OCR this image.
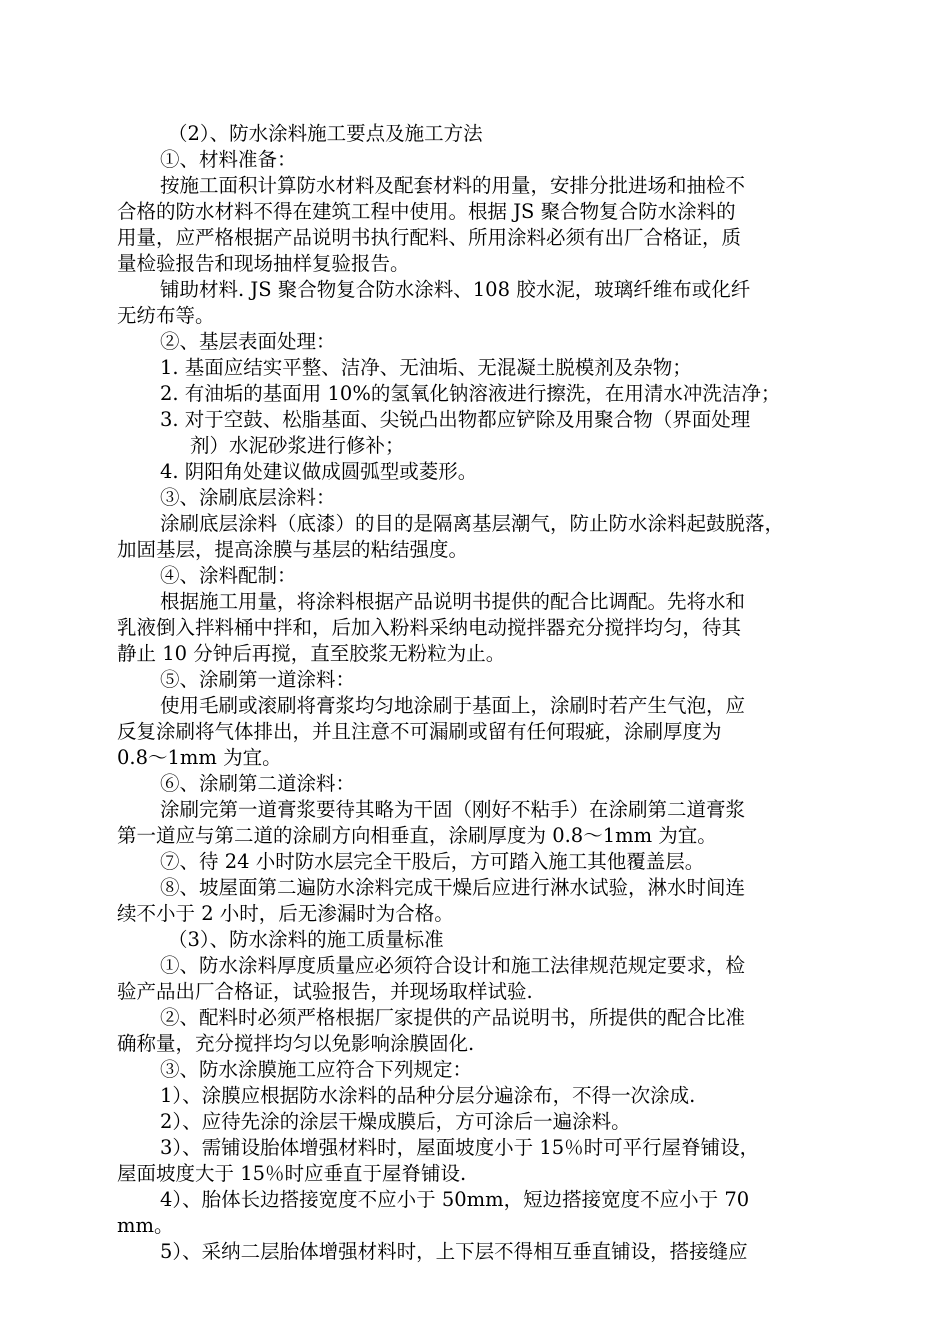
（2）、防水涂料施工要点及施工方法
①、材料准备：
按施工面积计算防水材料及配套材料的用量，安排分批进场和抽检不
合格的防水材料不得在建筑工程中使用。根据 JS 聚合物复合防水涂料的
用量，应严格根据产品说明书执行配料、所用涂料必须有出厂合格证，质
量检验报告和现场抽样复验报告。
铺助材料. JS 聚合物复合防水涂料、108 胶水泥，玻璃纤维布或化纤
无纺布等。
②、基层表面处理：
1. 基面应结实平整、洁净、无油垢、无混凝土脱模剂及杂物；
2. 有油垢的基面用 10%的氢氧化钠溶液进行擦洗，在用清水冲洗洁净；
3. 对于空鼓、松脂基面、尖锐凸出物都应铲除及用聚合物（界面处理
剂）水泥砂浆进行修补；
4. 阴阳角处建议做成圆弧型或菱形。
③、涂刷底层涂料：
涂刷底层涂料（底漆）的目的是隔离基层潮气，防止防水涂料起鼓脱落，
加固基层，提高涂膜与基层的粘结强度。
④、涂料配制：
根据施工用量，将涂料根据产品说明书提供的配合比调配。先将水和
乳液倒入拌料桶中拌和，后加入粉料采纳电动搅拌器充分搅拌均匀，待其
静止 10 分钟后再搅，直至胶浆无粉粒为止。
⑤、涂刷第一道涂料：
使用毛刷或滚刷将膏浆均匀地涂刷于基面上，涂刷时若产生气泡，应
反复涂刷将气体排出，并且注意不可漏刷或留有任何瑕疵，涂刷厚度为
0.8～1mm 为宜。
⑥、涂刷第二道涂料：
涂刷完第一道膏浆要待其略为干固（刚好不粘手）在涂刷第二道膏浆
第一道应与第二道的涂刷方向相垂直，涂刷厚度为 0.8～1mm 为宜。
⑦、待 24 小时防水层完全干股后，方可踏入施工其他覆盖层。
⑧、坡屋面第二遍防水涂料完成干燥后应进行淋水试验，淋水时间连
续不小于 2 小时，后无渗漏时为合格。
（3）、防水涂料的施工质量标准
①、防水涂料厚度质量应必须符合设计和施工法律规范规定要求，检
验产品出厂合格证，试验报告，并现场取样试验.
②、配料时必须严格根据厂家提供的产品说明书，所提供的配合比准
确称量，充分搅拌均匀以免影响涂膜固化.
③、防水涂膜施工应符合下列规定：
1）、涂膜应根据防水涂料的品种分层分遍涂布，不得一次涂成.
2）、应待先涂的涂层干燥成膜后，方可涂后一遍涂料。
3）、需铺设胎体增强材料时，屋面坡度小于 15％时可平行屋脊铺设，
屋面坡度大于 15％时应垂直于屋脊铺设.
4）、胎体长边搭接宽度不应小于 50mm，短边搭接宽度不应小于 70
mm。
5）、采纳二层胎体增强材料时，上下层不得相互垂直铺设，搭接缝应
